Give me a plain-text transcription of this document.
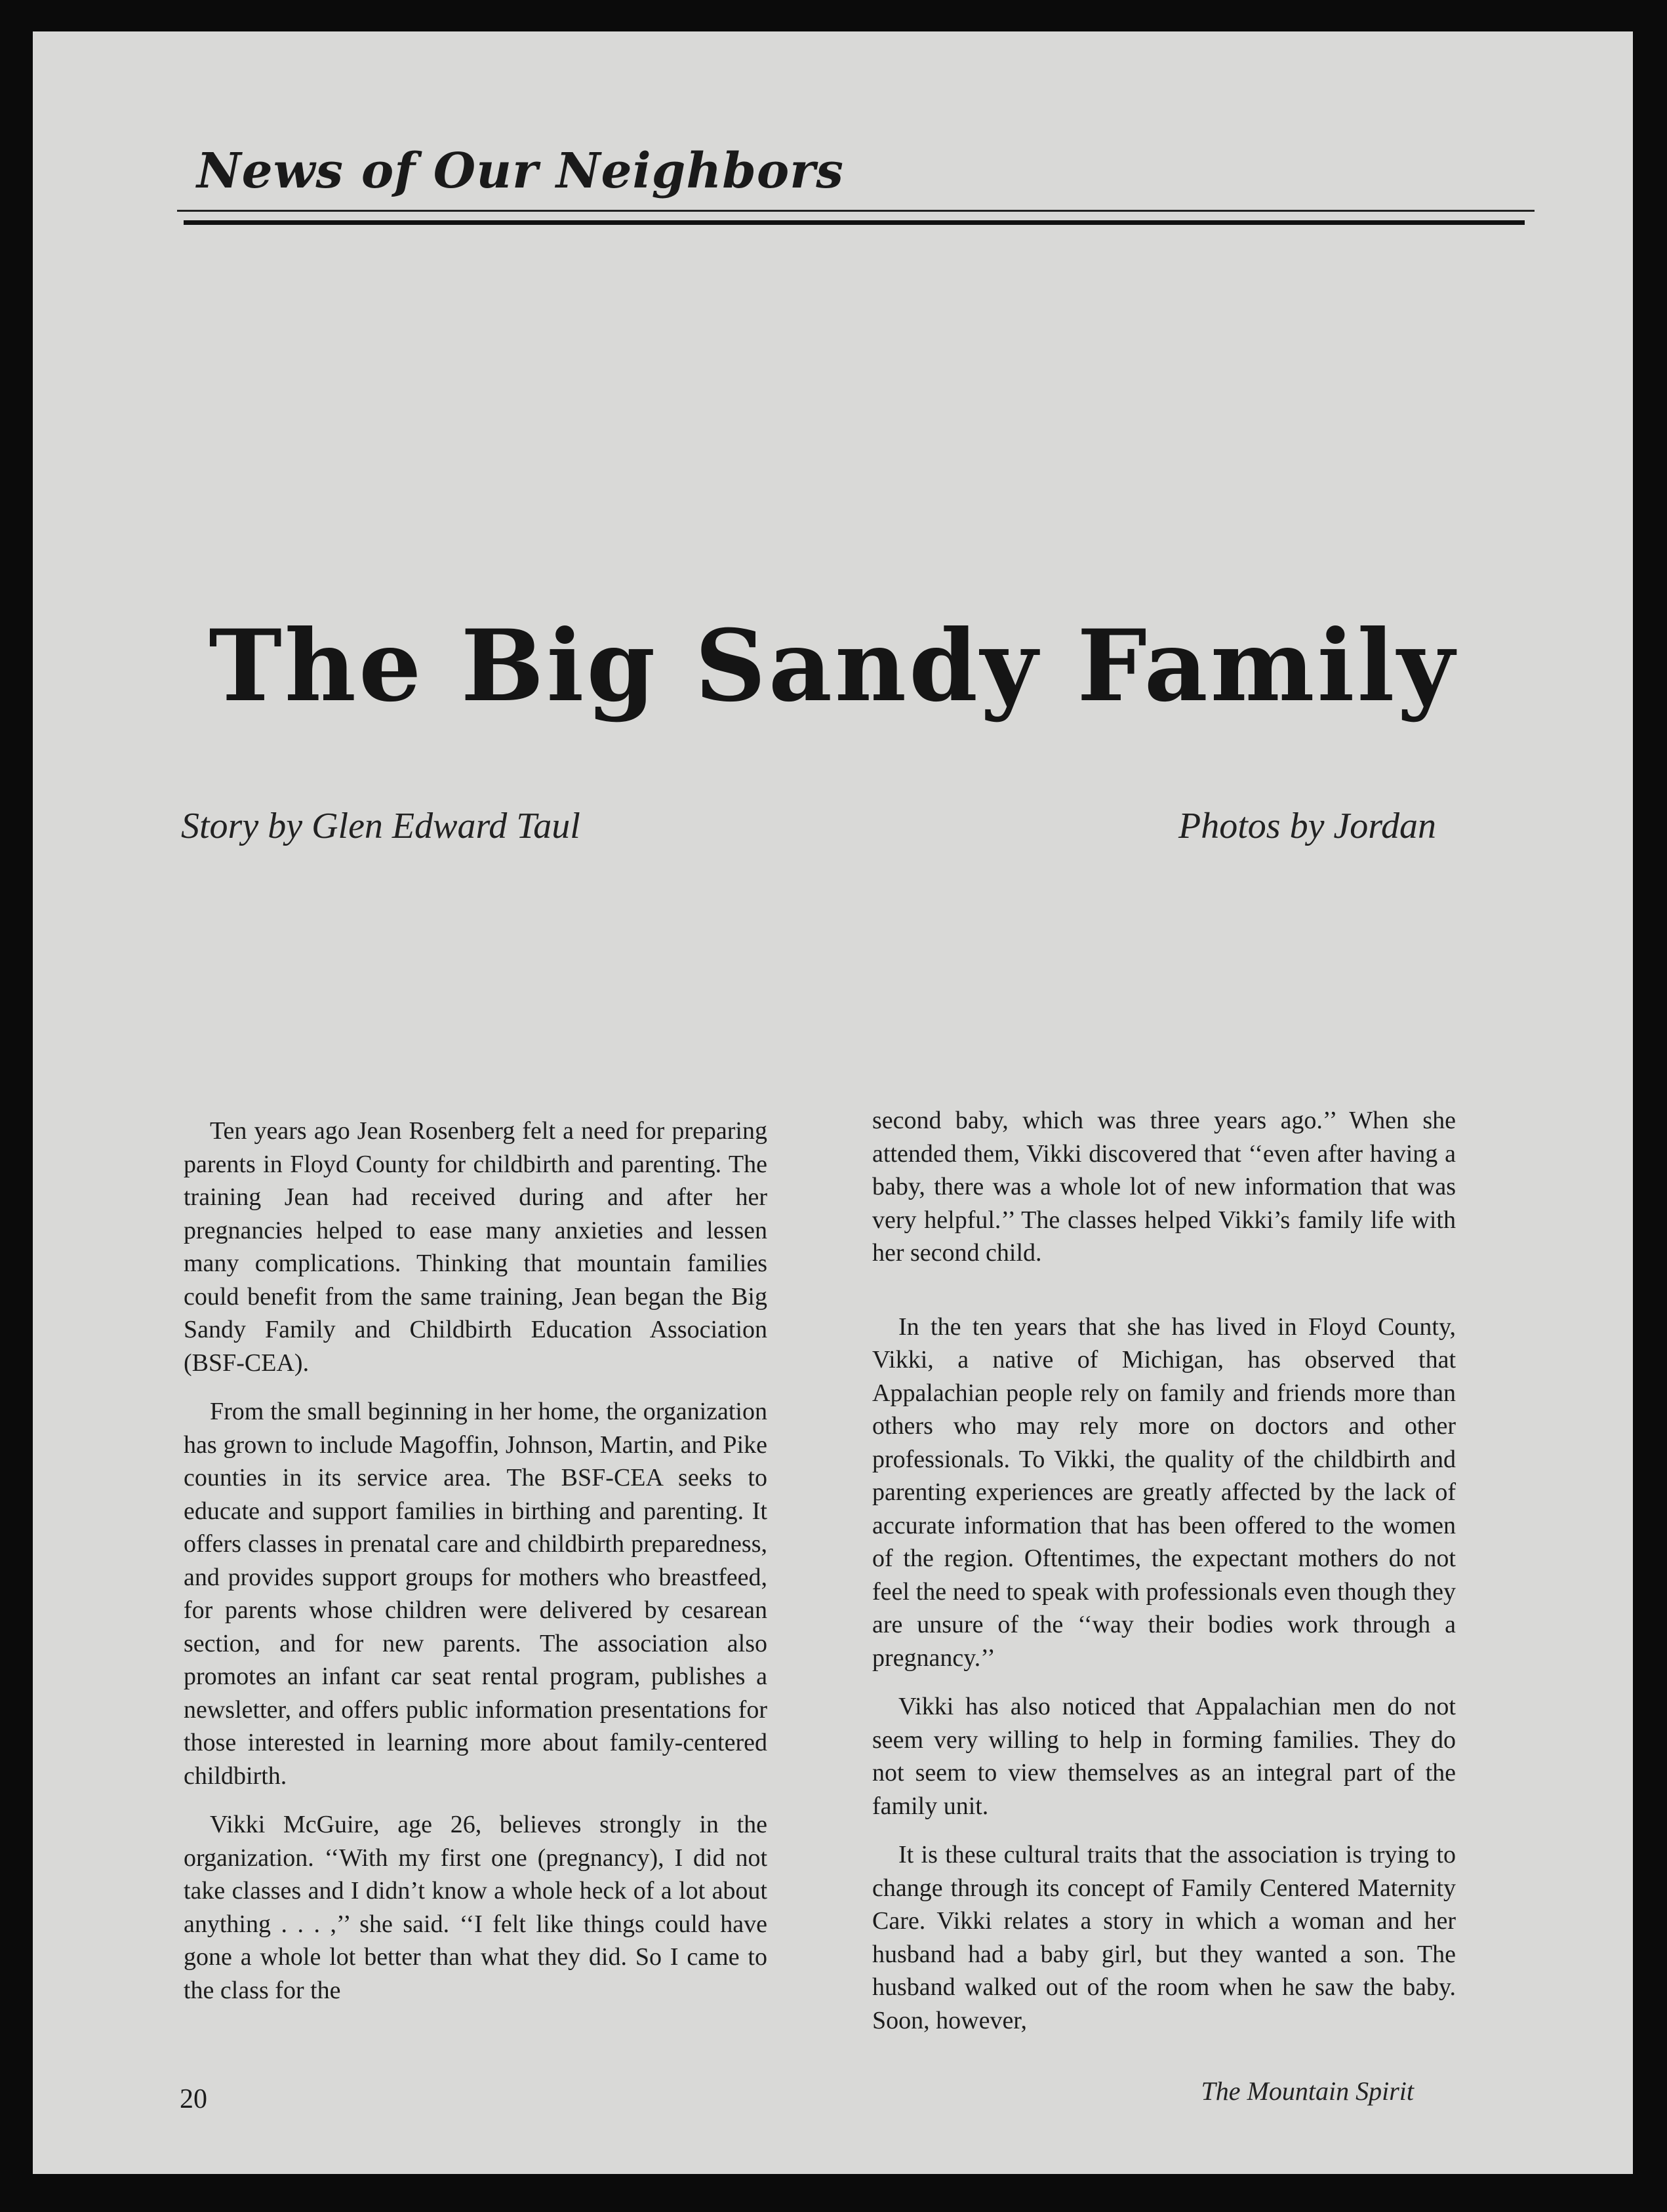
News of Our Neighbors
The Big Sandy Family
Story by Glen Edward Taul	Photos by Jordan

Ten years ago Jean Rosenberg felt a need for preparing parents in Floyd County for childbirth and parenting. The training Jean had received during and after her pregnancies helped to ease many anxieties and lessen many complications. Thinking that mountain families could benefit from the same training, Jean began the Big Sandy Family and Childbirth Education Association (BSF-CEA).

From the small beginning in her home, the organization has grown to include Magoffin, Johnson, Martin, and Pike counties in its service area. The BSF-CEA seeks to educate and support families in birthing and parenting. It offers classes in prenatal care and childbirth preparedness, and provides support groups for mothers who breastfeed, for parents whose children were delivered by cesarean section, and for new parents. The association also promotes an infant car seat rental program, publishes a newsletter, and offers public information presentations for those interested in learning more about family-centered childbirth.

Vikki McGuire, age 26, believes strongly in the organization. ‘‘With my first one (pregnancy), I did not take classes and I didn’t know a whole heck of a lot about anything . . . ,’’ she said. ‘‘I felt like things could have gone a whole lot better than what they did. So I came to the class for the

second baby, which was three years ago.’’ When she attended them, Vikki discovered that ‘‘even after having a baby, there was a whole lot of new information that was very helpful.’’ The classes helped Vikki’s family life with her second child.

In the ten years that she has lived in Floyd County, Vikki, a native of Michigan, has observed that Appalachian people rely on family and friends more than others who may rely more on doctors and other professionals. To Vikki, the quality of the childbirth and parenting experiences are greatly affected by the lack of accurate information that has been offered to the women of the region. Oftentimes, the expectant mothers do not feel the need to speak with professionals even though they are unsure of the ‘‘way their bodies work through a pregnancy.’’

Vikki has also noticed that Appalachian men do not seem very willing to help in forming families. They do not seem to view themselves as an integral part of the family unit.

It is these cultural traits that the association is trying to change through its concept of Family Centered Maternity Care. Vikki relates a story in which a woman and her husband had a baby girl, but they wanted a son. The husband walked out of the room when he saw the baby. Soon, however,

20	The Mountain Spirit
